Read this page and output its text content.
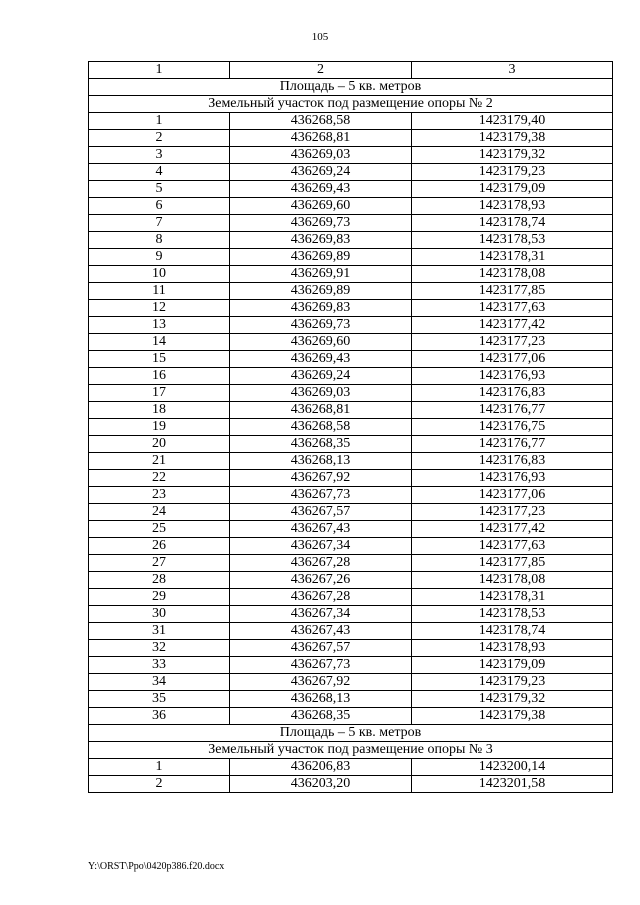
105
1	2	3
Площадь – 5 кв. метров		
Земельный участок под размещение опоры № 2		
1	436268,58	1423179,40
2	436268,81	1423179,38
3	436269,03	1423179,32
4	436269,24	1423179,23
5	436269,43	1423179,09
6	436269,60	1423178,93
7	436269,73	1423178,74
8	436269,83	1423178,53
9	436269,89	1423178,31
10	436269,91	1423178,08
11	436269,89	1423177,85
12	436269,83	1423177,63
13	436269,73	1423177,42
14	436269,60	1423177,23
15	436269,43	1423177,06
16	436269,24	1423176,93
17	436269,03	1423176,83
18	436268,81	1423176,77
19	436268,58	1423176,75
20	436268,35	1423176,77
21	436268,13	1423176,83
22	436267,92	1423176,93
23	436267,73	1423177,06
24	436267,57	1423177,23
25	436267,43	1423177,42
26	436267,34	1423177,63
27	436267,28	1423177,85
28	436267,26	1423178,08
29	436267,28	1423178,31
30	436267,34	1423178,53
31	436267,43	1423178,74
32	436267,57	1423178,93
33	436267,73	1423179,09
34	436267,92	1423179,23
35	436268,13	1423179,32
36	436268,35	1423179,38
Площадь – 5 кв. метров		
Земельный участок под размещение опоры № 3		
1	436206,83	1423200,14
2	436203,20	1423201,58
Y:\ORST\Ppo\0420p386.f20.docx
